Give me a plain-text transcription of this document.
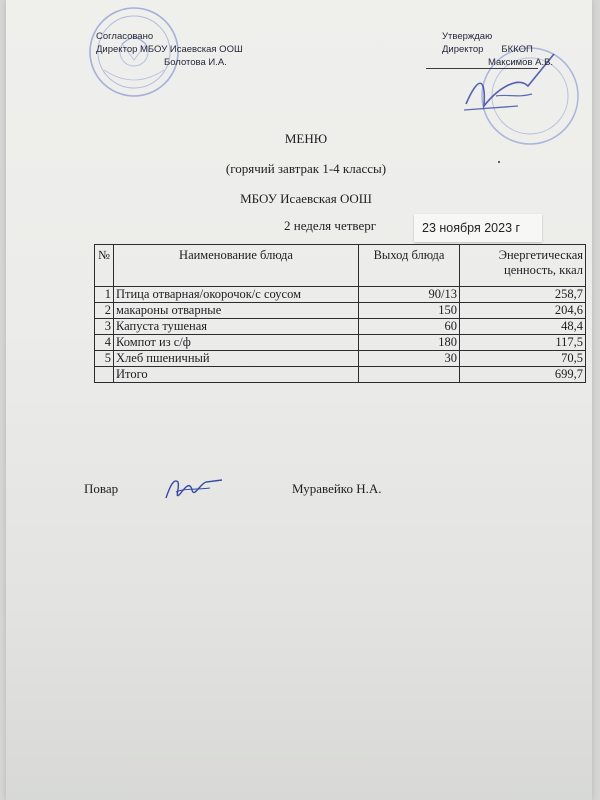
Согласовано
Директор МБОУ Исаевская ООШ
Болотова И.А.
Утверждаю
Директор БККОП
Максимов А.В.
МЕНЮ
(горячий завтрак 1-4 классы)
МБОУ Исаевская ООШ
2 неделя четверг	23 ноября 2023 г
№	Наименование блюда	Выход блюда	Энергетическая ценность, ккал
1	Птица отварная/окорочок/с соусом	90/13	258,7
2	макароны отварные	150	204,6
3	Капуста тушеная	60	48,4
4	Компот из с/ф	180	117,5
5	Хлеб пшеничный	30	70,5
	Итого		699,7
Повар	Муравейко Н.А.
